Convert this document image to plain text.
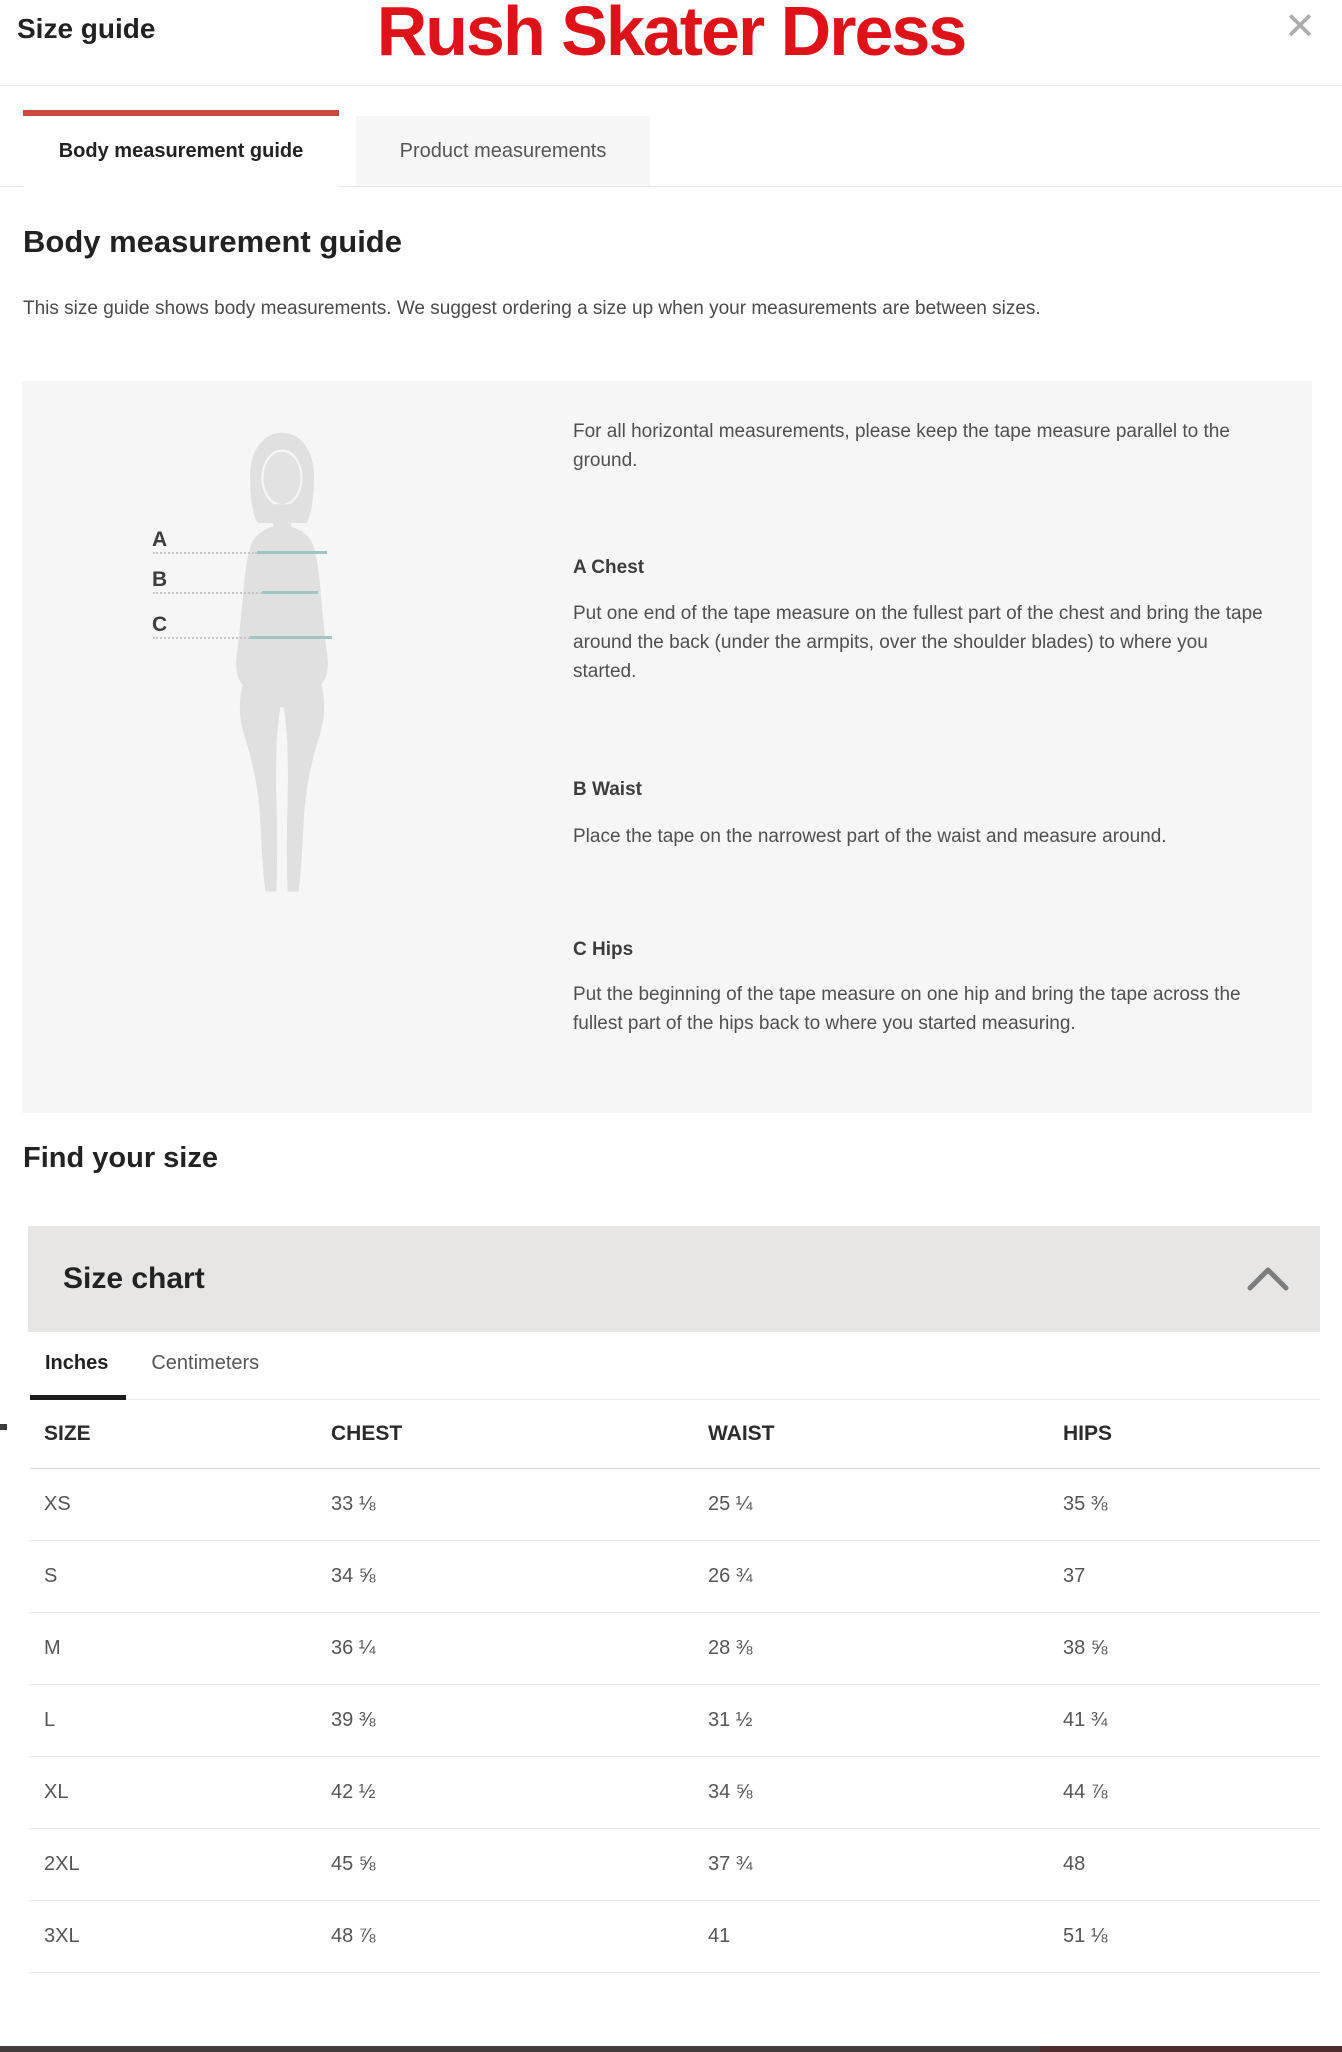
Size guide	Rush Skater Dress	✕
Body measurement guide	Product measurements
Body measurement guide
This size guide shows body measurements. We suggest ordering a size up when your measurements are between sizes.
A
B
C

For all horizontal measurements, please keep the tape measure parallel to the ground.

A Chest

Put one end of the tape measure on the fullest part of the chest and bring the tape around the back (under the armpits, over the shoulder blades) to where you started.

B Waist

Place the tape on the narrowest part of the waist and measure around.

C Hips

Put the beginning of the tape measure on one hip and bring the tape across the fullest part of the hips back to where you started measuring.

Find your size
Size chart
Inches Centimeters
SIZE	CHEST	WAIST	HIPS
XS	33 ⅛	25 ¼	35 ⅜
S	34 ⅝	26 ¾	37
M	36 ¼	28 ⅜	38 ⅝
L	39 ⅜	31 ½	41 ¾
XL	42 ½	34 ⅝	44 ⅞
2XL	45 ⅝	37 ¾	48
3XL	48 ⅞	41	51 ⅛
